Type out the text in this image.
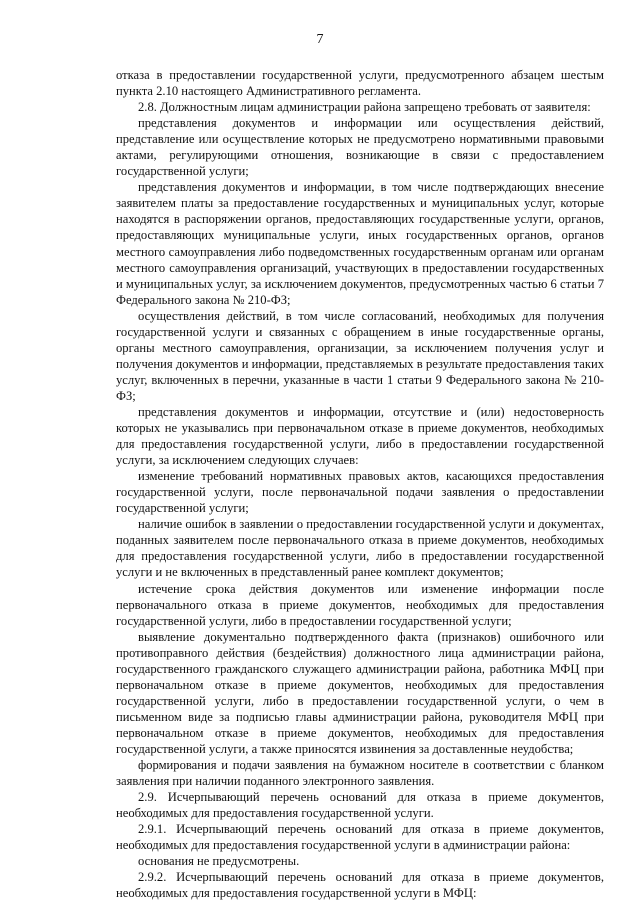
7

отказа в предоставлении государственной услуги, предусмотренного абзацем шестым пункта 2.10 настоящего Административного регламента.

2.8. Должностным лицам администрации района запрещено требовать от заявителя:

представления документов и информации или осуществления действий, представление или осуществление которых не предусмотрено нормативными правовыми актами, регулирующими отношения, возникающие в связи с предоставлением государственной услуги;

представления документов и информации, в том числе подтверждающих внесение заявителем платы за предоставление государственных и муниципальных услуг, которые находятся в распоряжении органов, предоставляющих государственные услуги, органов, предоставляющих муниципальные услуги, иных государственных органов, органов местного самоуправления либо подведомственных государственным органам или органам местного самоуправления организаций, участвующих в предоставлении государственных и муниципальных услуг, за исключением документов, предусмотренных частью 6 статьи 7 Федерального закона № 210-ФЗ;

осуществления действий, в том числе согласований, необходимых для получения государственной услуги и связанных с обращением в иные государственные органы, органы местного самоуправления, организации, за исключением получения услуг и получения документов и информации, представляемых в результате предоставления таких услуг, включенных в перечни, указанные в части 1 статьи 9 Федерального закона № 210-ФЗ;

представления документов и информации, отсутствие и (или) недостоверность которых не указывались при первоначальном отказе в приеме документов, необходимых для предоставления государственной услуги, либо в предоставлении государственной услуги, за исключением следующих случаев:

изменение требований нормативных правовых актов, касающихся предоставления государственной услуги, после первоначальной подачи заявления о предоставлении государственной услуги;

наличие ошибок в заявлении о предоставлении государственной услуги и документах, поданных заявителем после первоначального отказа в приеме документов, необходимых для предоставления государственной услуги, либо в предоставлении государственной услуги и не включенных в представленный ранее комплект документов;

истечение срока действия документов или изменение информации после первоначального отказа в приеме документов, необходимых для предоставления государственной услуги, либо в предоставлении государственной услуги;

выявление документально подтвержденного факта (признаков) ошибочного или противоправного действия (бездействия) должностного лица администрации района, государственного гражданского служащего администрации района, работника МФЦ при первоначальном отказе в приеме документов, необходимых для предоставления государственной услуги, либо в предоставлении государственной услуги, о чем в письменном виде за подписью главы администрации района, руководителя МФЦ при первоначальном отказе в приеме документов, необходимых для предоставления государственной услуги, а также приносятся извинения за доставленные неудобства;

формирования и подачи заявления на бумажном носителе в соответствии с бланком заявления при наличии поданного электронного заявления.

2.9. Исчерпывающий перечень оснований для отказа в приеме документов, необходимых для предоставления государственной услуги.

2.9.1. Исчерпывающий перечень оснований для отказа в приеме документов, необходимых для предоставления государственной услуги в администрации района:

основания не предусмотрены.

2.9.2. Исчерпывающий перечень оснований для отказа в приеме документов, необходимых для предоставления государственной услуги в МФЦ:
